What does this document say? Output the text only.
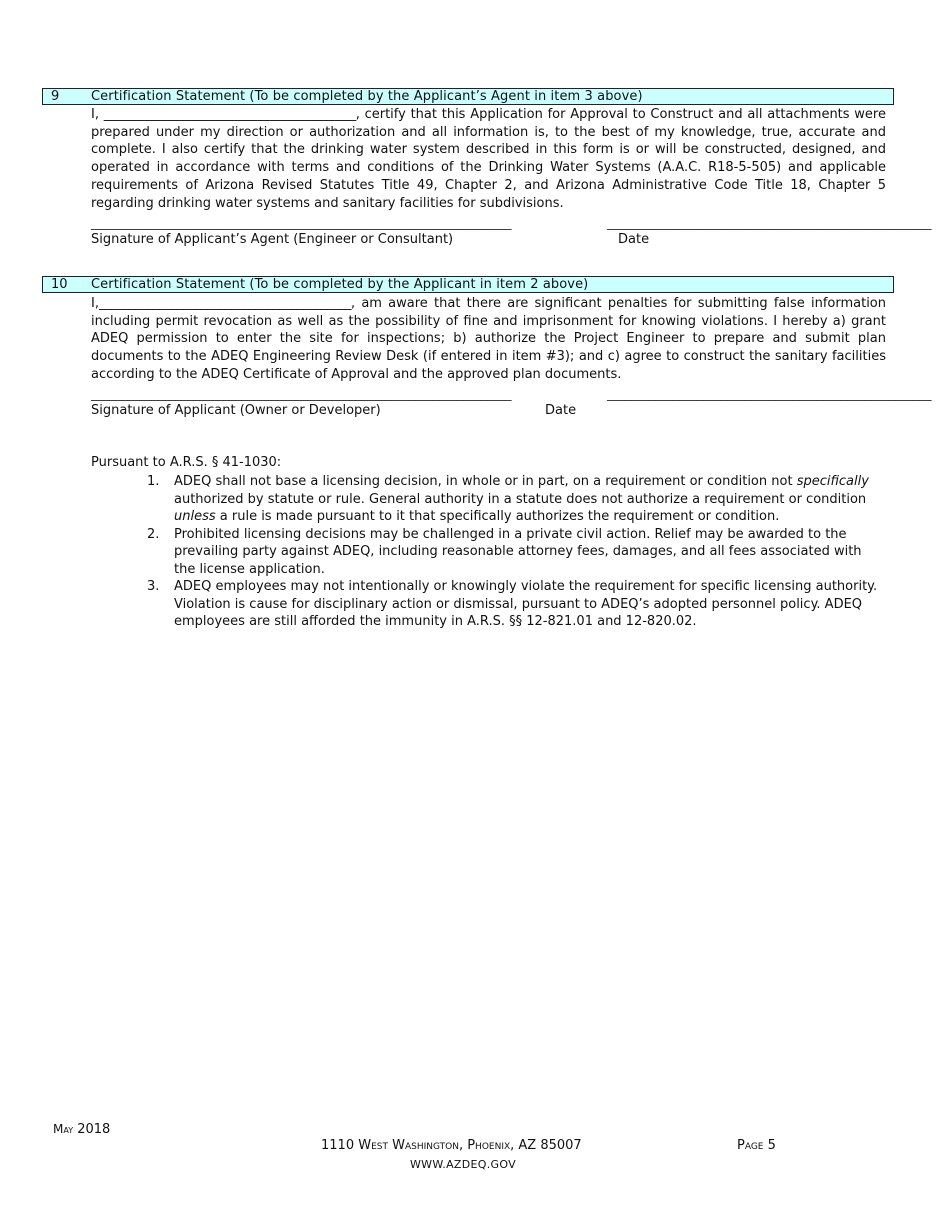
9 Certification Statement (To be completed by the Applicant’s Agent in item 3 above)
I, __________________________________________, certify that this Application for Approval to Construct and all attachments were prepared under my direction or authorization and all information is, to the best of my knowledge, true, accurate and complete. I also certify that the drinking water system described in this form is or will be constructed, designed, and operated in accordance with terms and conditions of the Drinking Water Systems (A.A.C. R18-5-505) and applicable requirements of Arizona Revised Statutes Title 49, Chapter 2, and Arizona Administrative Code Title 18, Chapter 5 regarding drinking water systems and sanitary facilities for subdivisions.
______________________________________________________________________	______________________________________________________
Signature of Applicant’s Agent (Engineer or Consultant)	Date
10 Certification Statement (To be completed by the Applicant in item 2 above)
I,__________________________________________, am aware that there are significant penalties for submitting false information including permit revocation as well as the possibility of fine and imprisonment for knowing violations. I hereby a) grant ADEQ permission to enter the site for inspections; b) authorize the Project Engineer to prepare and submit plan documents to the ADEQ Engineering Review Desk (if entered in item #3); and c) agree to construct the sanitary facilities according to the ADEQ Certificate of Approval and the approved plan documents.
______________________________________________________________________	______________________________________________________
Signature of Applicant (Owner or Developer)	Date
Pursuant to A.R.S. § 41-1030:
1. ADEQ shall not base a licensing decision, in whole or in part, on a requirement or condition not specifically authorized by statute or rule. General authority in a statute does not authorize a requirement or condition unless a rule is made pursuant to it that specifically authorizes the requirement or condition.
2. Prohibited licensing decisions may be challenged in a private civil action. Relief may be awarded to the prevailing party against ADEQ, including reasonable attorney fees, damages, and all fees associated with the license application.
3. ADEQ employees may not intentionally or knowingly violate the requirement for specific licensing authority. Violation is cause for disciplinary action or dismissal, pursuant to ADEQ’s adopted personnel policy. ADEQ employees are still afforded the immunity in A.R.S. §§ 12-821.01 and 12-820.02.
May 2018
1110 West Washington, Phoenix, AZ 85007
WWW.AZDEQ.GOV
Page 5
